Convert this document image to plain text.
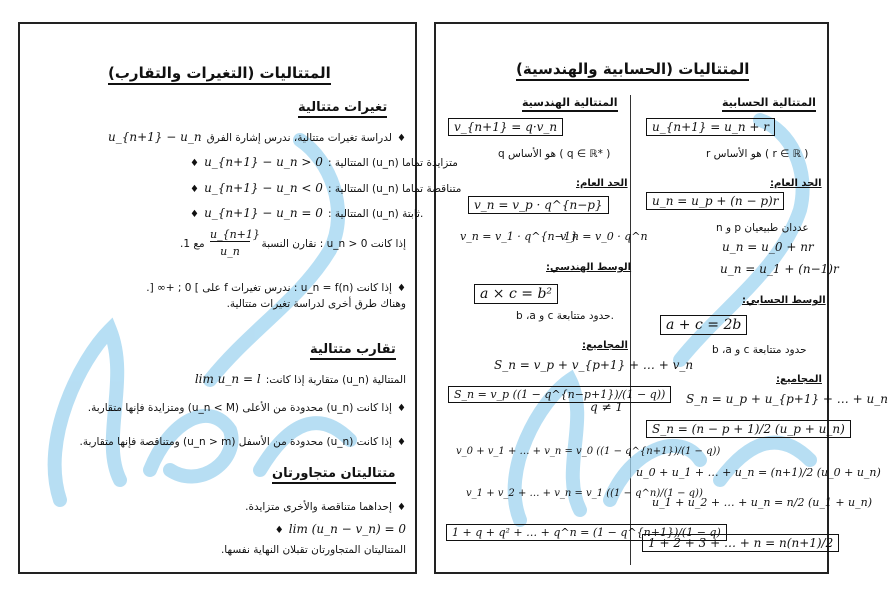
المتتاليات (التغيرات والتقارب)
تغيرات متتالية
♦ لدراسة تغيرات متتالية، ندرس إشارة الفرق u_{n+1} − u_n
♦ u_{n+1} − u_n > 0 : المتتالية (u_n) متزايدة تماما
♦ u_{n+1} − u_n < 0 : المتتالية (u_n) متناقصة تماما
♦ u_{n+1} − u_n = 0 : المتتالية (u_n) ثابتة.
إذا كانت u_n > 0 : نقارن النسبة
u_{n+1}
u_n
مع 1.
♦ إذا كانت u_n = f(n) : ندرس تغيرات f على ] 0 ; +∞ [.
وهناك طرق أخرى لدراسة تغيرات متتالية.
تقارب متتالية
المتتالية (u_n) متقاربة إذا كانت: lim u_n = l
♦ إذا كانت (u_n) محدودة من الأعلى (u_n < M) ومتزايدة فإنها متقاربة.
♦ إذا كانت (u_n) محدودة من الأسفل (u_n > m) ومتناقصة فإنها متقاربة.
متتاليتان متجاورتان
♦ إحداهما متناقصة والأخرى متزايدة.
♦ lim (u_n − v_n) = 0
المتتاليتان المتجاورتان تقبلان النهاية نفسها.
المتتاليات (الحسابية والهندسية)
المتتالية الحسابية
u_{n+1} = u_n + r
r هو الأساس ( r ∈ ℝ )
الحد العام:
u_n = u_p + (n − p)r
n و p عددان طبيعيان
u_n = u_0 + nr
u_n = u_1 + (n−1)r
الوسط الحسابي:
a + c = 2b
b ،a و c حدود متتابعة
المجاميع:
S_n = u_p + u_{p+1} + … + u_n
S_n = (n − p + 1)/2 (u_p + u_n)
u_0 + u_1 + … + u_n = (n+1)/2 (u_0 + u_n)
u_1 + u_2 + … + u_n = n/2 (u_1 + u_n)
1 + 2 + 3 + … + n = n(n+1)/2
المتتالية الهندسية
v_{n+1} = q·v_n
q هو الأساس ( q ∈ ℝ* )
الحد العام:
v_n = v_p · q^{n−p}
v_n = v_0 · q^n
v_n = v_1 · q^{n−1}
الوسط الهندسي:
a × c = b²
b ،a و c حدود متتابعة.
المجاميع:
S_n = v_p + v_{p+1} + … + v_n
S_n = v_p ((1 − q^{n−p+1})/(1 − q))
q ≠ 1
v_0 + v_1 + … + v_n = v_0 ((1 − q^{n+1})/(1 − q))
v_1 + v_2 + … + v_n = v_1 ((1 − q^n)/(1 − q))
1 + q + q² + … + q^n = (1 − q^{n+1})/(1 − q)
